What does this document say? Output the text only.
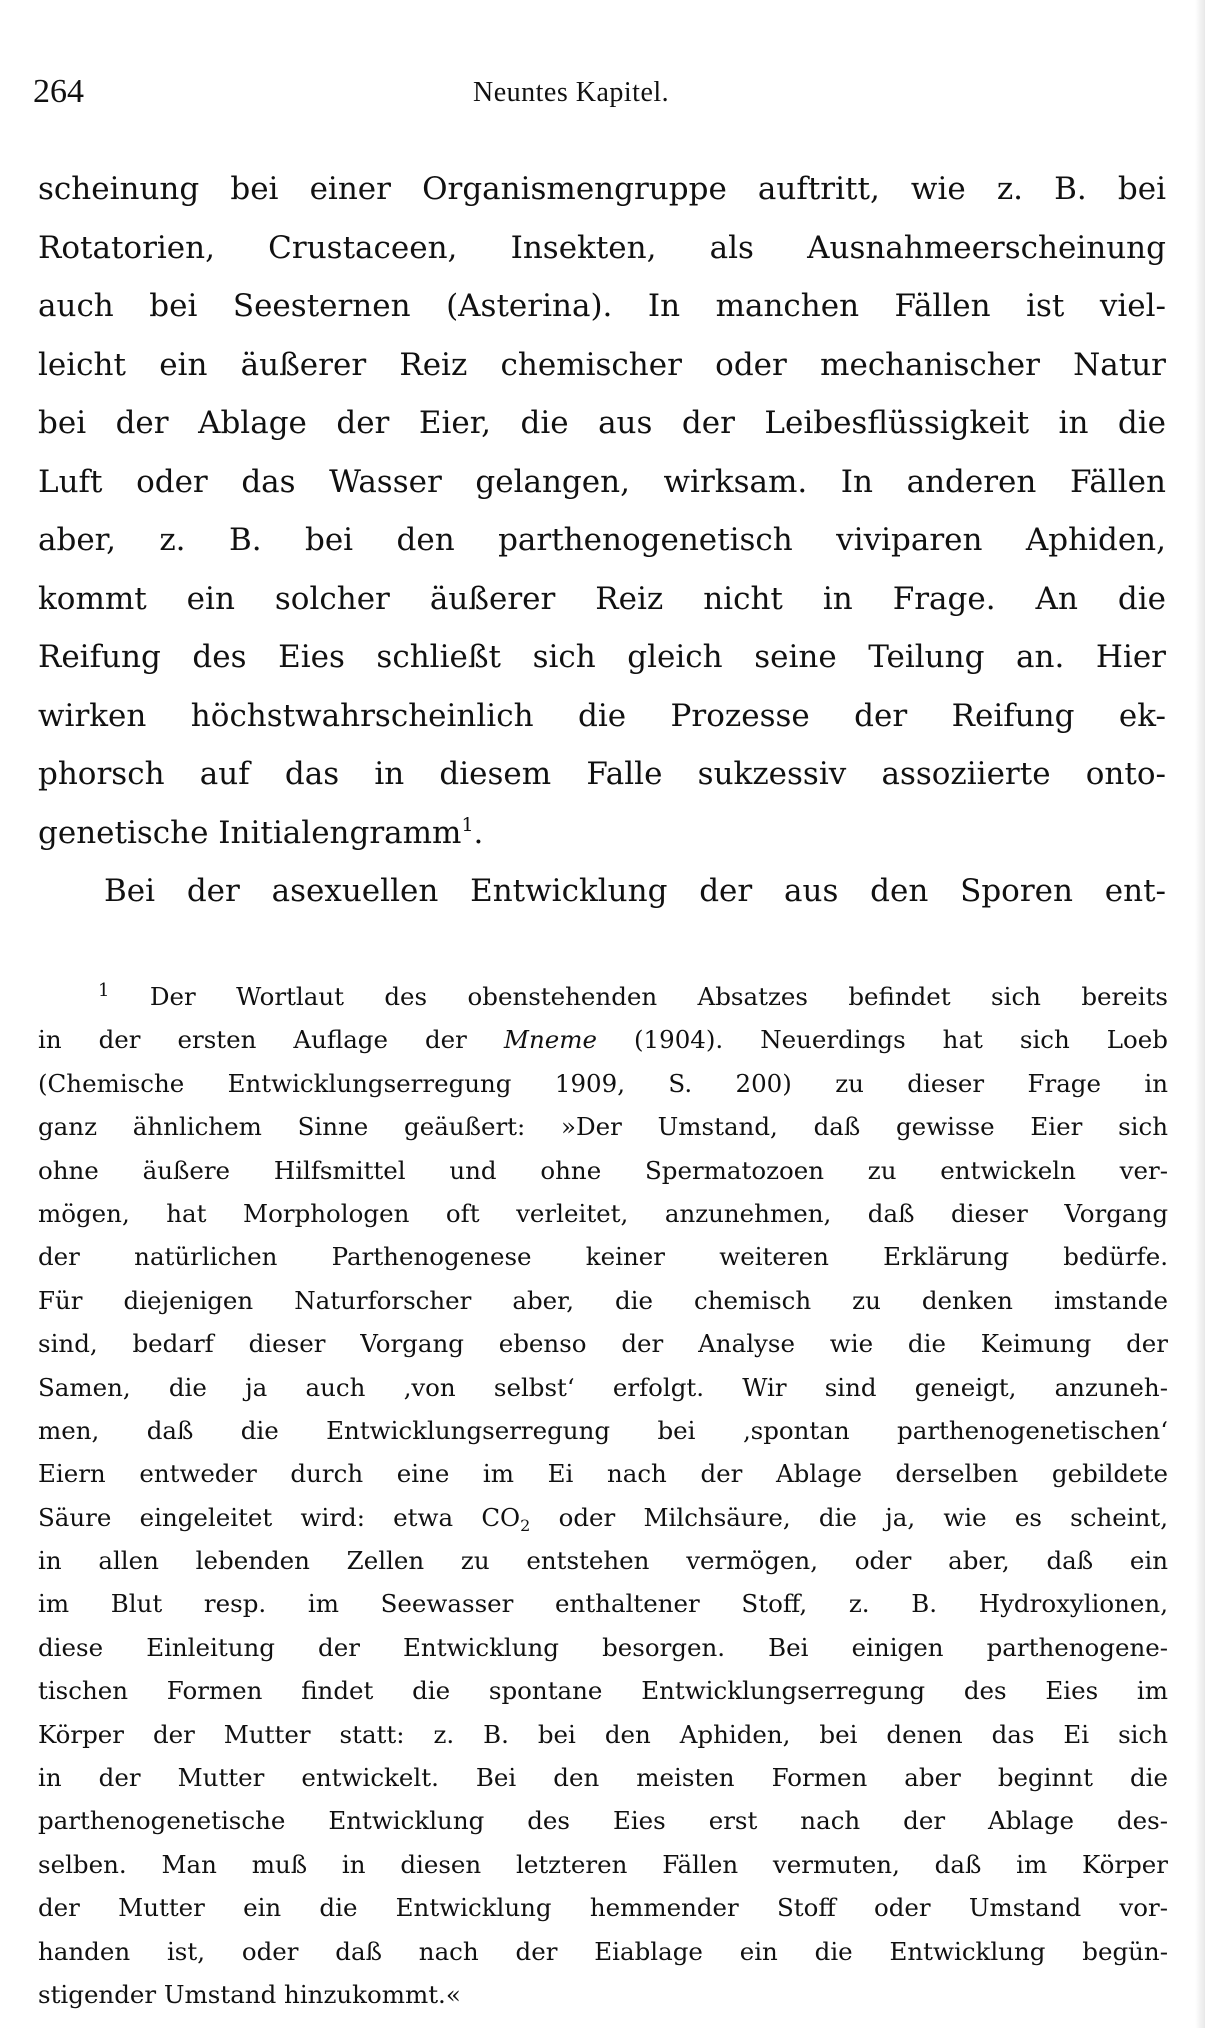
264	Neuntes Kapitel.
scheinung bei einer Organismengruppe auftritt, wie z. B. bei
Rotatorien, Crustaceen, Insekten, als Ausnahmeerscheinung
auch bei Seesternen (Asterina). In manchen Fällen ist viel-
leicht ein äußerer Reiz chemischer oder mechanischer Natur
bei der Ablage der Eier, die aus der Leibesflüssigkeit in die
Luft oder das Wasser gelangen, wirksam. In anderen Fällen
aber, z. B. bei den parthenogenetisch viviparen Aphiden,
kommt ein solcher äußerer Reiz nicht in Frage. An die
Reifung des Eies schließt sich gleich seine Teilung an. Hier
wirken höchstwahrscheinlich die Prozesse der Reifung ek-
phorsch auf das in diesem Falle sukzessiv assoziierte onto-
genetische Initialengramm$^1$.
Bei der asexuellen Entwicklung der aus den Sporen ent-
$^1$ Der Wortlaut des obenstehenden Absatzes befindet sich bereits
in der ersten Auflage der Mneme (1904). Neuerdings hat sich Loeb
(Chemische Entwicklungserregung 1909, S. 200) zu dieser Frage in
ganz ähnlichem Sinne geäußert: »Der Umstand, daß gewisse Eier sich
ohne äußere Hilfsmittel und ohne Spermatozoen zu entwickeln ver-
mögen, hat Morphologen oft verleitet, anzunehmen, daß dieser Vorgang
der natürlichen Parthenogenese keiner weiteren Erklärung bedürfe.
Für diejenigen Naturforscher aber, die chemisch zu denken imstande
sind, bedarf dieser Vorgang ebenso der Analyse wie die Keimung der
Samen, die ja auch ‚von selbst‘ erfolgt. Wir sind geneigt, anzuneh-
men, daß die Entwicklungserregung bei ‚spontan parthenogenetischen‘
Eiern entweder durch eine im Ei nach der Ablage derselben gebildete
Säure eingeleitet wird: etwa $CO_2$ oder Milchsäure, die ja, wie es scheint,
in allen lebenden Zellen zu entstehen vermögen, oder aber, daß ein
im Blut resp. im Seewasser enthaltener Stoff, z. B. Hydroxylionen,
diese Einleitung der Entwicklung besorgen. Bei einigen parthenogene-
tischen Formen findet die spontane Entwicklungserregung des Eies im
Körper der Mutter statt: z. B. bei den Aphiden, bei denen das Ei sich
in der Mutter entwickelt. Bei den meisten Formen aber beginnt die
parthenogenetische Entwicklung des Eies erst nach der Ablage des-
selben. Man muß in diesen letzteren Fällen vermuten, daß im Körper
der Mutter ein die Entwicklung hemmender Stoff oder Umstand vor-
handen ist, oder daß nach der Eiablage ein die Entwicklung begün-
stigender Umstand hinzukommt.«
